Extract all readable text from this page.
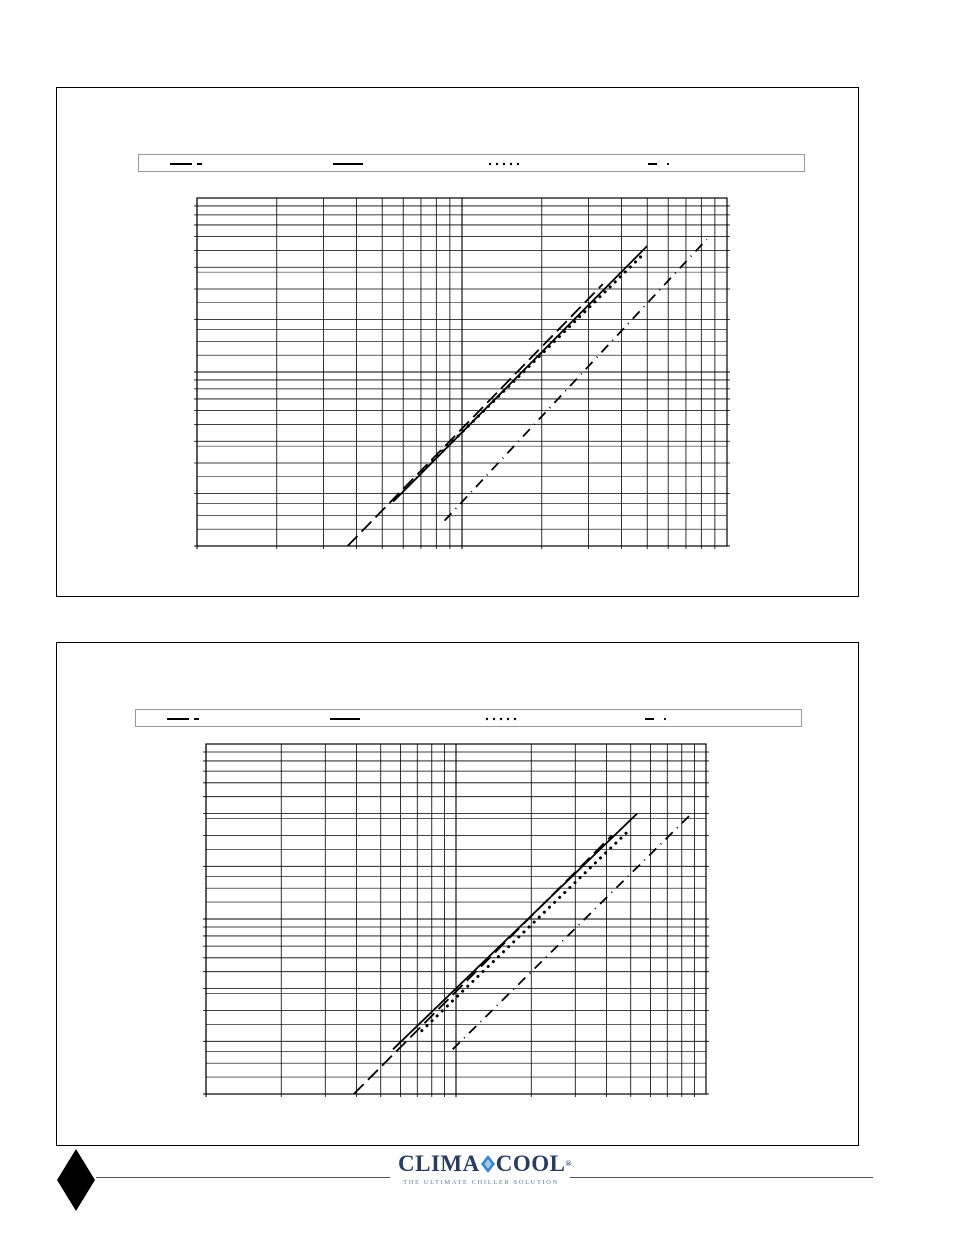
CLIMA COOL®
THE ULTIMATE CHILLER SOLUTION
